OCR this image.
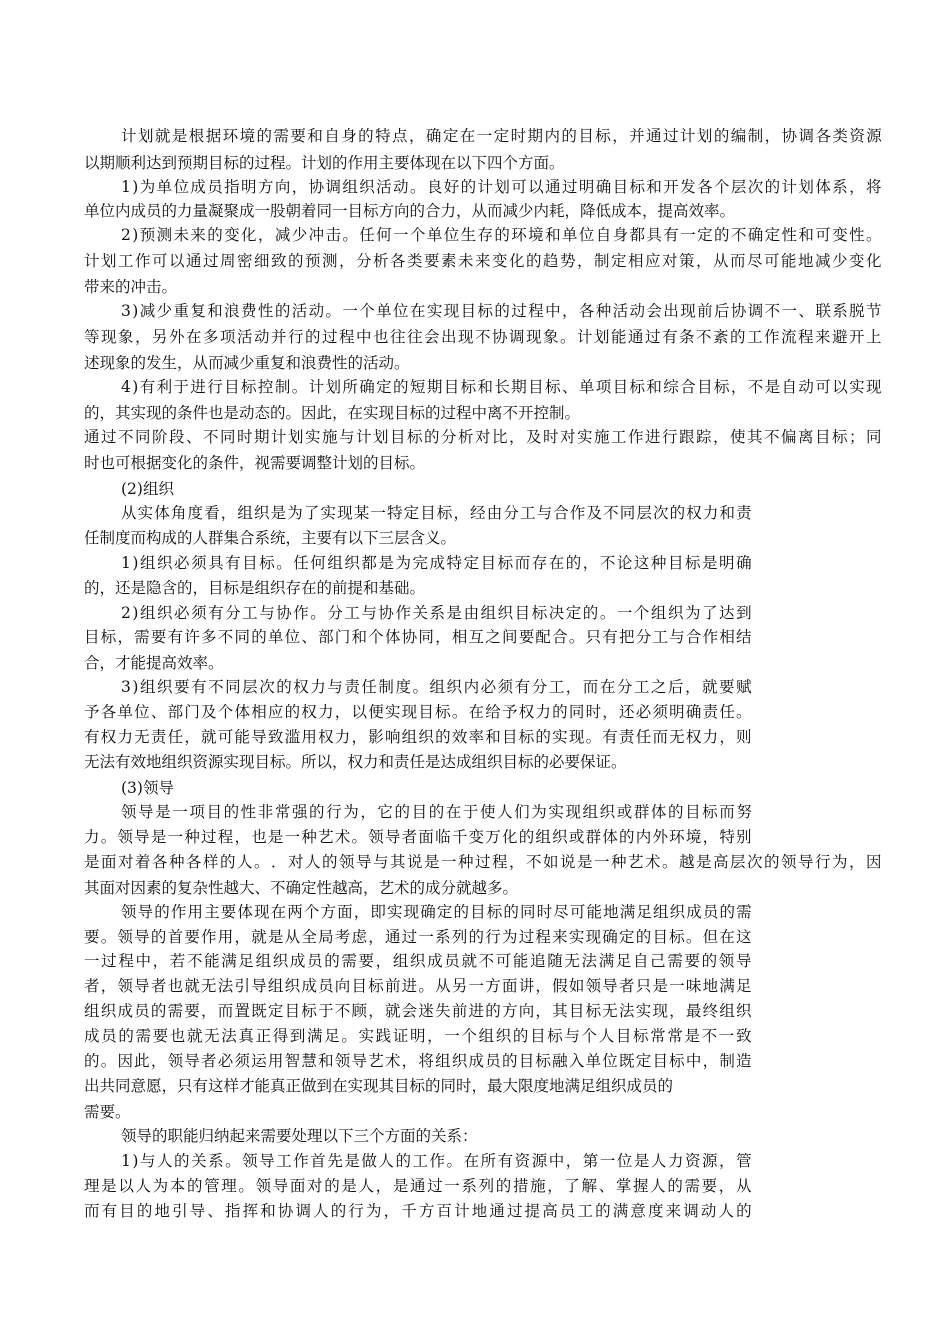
计 划 就 是 根 据 环 境 的 需 要 和 自 身 的 特 点 ， 确 定 在 一 定 时 期 内 的 目 标 ， 并 通 过 计 划 的 编 制 ， 协 调 各 类 资 源
以期顺利达到预期目标的过程。计划的作用主要体现在以下四个方面。
1 ) 为 单 位 成 员 指 明 方 向 ， 协 调 组 织 活 动 。 良 好 的 计 划 可 以 通 过 明 确 目 标 和 开 发 各 个 层 次 的 计 划 体 系 ， 将
单位内成员的力量凝聚成一股朝着同一目标方向的合力，从而减少内耗，降低成本，提高效率。
2 ) 预 测 未 来 的 变 化 ， 减 少 冲 击 。 任 何 一 个 单 位 生 存 的 环 境 和 单 位 自 身 都 具 有 一 定 的 不 确 定 性 和 可 变 性 。
计 划 工 作 可 以 通 过 周 密 细 致 的 预 测 ， 分 析 各 类 要 素 未 来 变 化 的 趋 势 ， 制 定 相 应 对 策 ， 从 而 尽 可 能 地 减 少 变 化
带来的冲击。
3 ) 减 少 重 复 和 浪 费 性 的 活 动 。 一 个 单 位 在 实 现 目 标 的 过 程 中 ， 各 种 活 动 会 出 现 前 后 协 调 不 一 、 联 系 脱 节
等 现 象 ， 另 外 在 多 项 活 动 并 行 的 过 程 中 也 往 往 会 出 现 不 协 调 现 象 。 计 划 能 通 过 有 条 不 紊 的 工 作 流 程 来 避 开 上
述现象的发生，从而减少重复和浪费性的活动。
4 ) 有 利 于 进 行 目 标 控 制 。 计 划 所 确 定 的 短 期 目 标 和 长 期 目 标 、 单 项 目 标 和 综 合 目 标 ， 不 是 自 动 可 以 实 现
的，其实现的条件也是动态的。因此，在实现目标的过程中离不开控制。
通 过 不 同 阶 段 、 不 同 时 期 计 划 实 施 与 计 划 目 标 的 分 析 对 比 ， 及 时 对 实 施 工 作 进 行 跟 踪 ， 使 其 不 偏 离 目 标 ； 同
时也可根据变化的条件，视需要调整计划的目标。
(2)组织
从 实 体 角 度 看 ， 组 织 是 为 了 实 现 某 一 特 定 目 标 ， 经 由 分 工 与 合 作 及 不 同 层 次 的 权 力 和 责
任制度而构成的人群集合系统，主要有以下三层含义。
1 ) 组 织 必 须 具 有 目 标 。 任 何 组 织 都 是 为 完 成 特 定 目 标 而 存 在 的 ， 不 论 这 种 目 标 是 明 确
的，还是隐含的，目标是组织存在的前提和基础。
2 ) 组 织 必 须 有 分 工 与 协 作 。 分 工 与 协 作 关 系 是 由 组 织 目 标 决 定 的 。 一 个 组 织 为 了 达 到
目 标 ， 需 要 有 许 多 不 同 的 单 位 、 部 门 和 个 体 协 同 ， 相 互 之 间 要 配 合 。 只 有 把 分 工 与 合 作 相 结
合，才能提高效率。
3 ) 组 织 要 有 不 同 层 次 的 权 力 与 责 任 制 度 。 组 织 内 必 须 有 分 工 ， 而 在 分 工 之 后 ， 就 要 赋
予 各 单 位 、 部 门 及 个 体 相 应 的 权 力 ， 以 便 实 现 目 标 。 在 给 予 权 力 的 同 时 ， 还 必 须 明 确 责 任 。
有 权 力 无 责 任 ， 就 可 能 导 致 滥 用 权 力 ， 影 响 组 织 的 效 率 和 目 标 的 实 现 。 有 责 任 而 无 权 力 ， 则
无法有效地组织资源实现目标。所以，权力和责任是达成组织目标的必要保证。
(3)领导
领 导 是 一 项 目 的 性 非 常 强 的 行 为 ， 它 的 目 的 在 于 使 人 们 为 实 现 组 织 或 群 体 的 目 标 而 努
力 。 领 导 是 一 种 过 程 ， 也 是 一 种 艺 术 。 领 导 者 面 临 千 变 万 化 的 组 织 或 群 体 的 内 外 环 境 ， 特 别
是 面 对 着 各 种 各 样 的 人 。 ． 对 人 的 领 导 与 其 说 是 一 种 过 程 ， 不 如 说 是 一 种 艺 术 。 越 是 高 层 次 的 领 导 行 为 ， 因
其面对因素的复杂性越大、不确定性越高，艺术的成分就越多。
领 导 的 作 用 主 要 体 现 在 两 个 方 面 ， 即 实 现 确 定 的 目 标 的 同 时 尽 可 能 地 满 足 组 织 成 员 的 需
要 。 领 导 的 首 要 作 用 ， 就 是 从 全 局 考 虑 ， 通 过 一 系 列 的 行 为 过 程 来 实 现 确 定 的 目 标 。 但 在 这
一 过 程 中 ， 若 不 能 满 足 组 织 成 员 的 需 要 ， 组 织 成 员 就 不 可 能 追 随 无 法 满 足 自 己 需 要 的 领 导
者 ， 领 导 者 也 就 无 法 引 导 组 织 成 员 向 目 标 前 进 。 从 另 一 方 面 讲 ， 假 如 领 导 者 只 是 一 味 地 满 足
组 织 成 员 的 需 要 ， 而 置 既 定 目 标 于 不 顾 ， 就 会 迷 失 前 进 的 方 向 ， 其 目 标 无 法 实 现 ， 最 终 组 织
成 员 的 需 要 也 就 无 法 真 正 得 到 满 足 。 实 践 证 明 ， 一 个 组 织 的 目 标 与 个 人 目 标 常 常 是 不 一 致
的 。 因 此 ， 领 导 者 必 须 运 用 智 慧 和 领 导 艺 术 ， 将 组 织 成 员 的 目 标 融 入 单 位 既 定 目 标 中 ， 制 造
出共同意愿，只有这样才能真正做到在实现其目标的同时，最大限度地满足组织成员的
需要。
领导的职能归纳起来需要处理以下三个方面的关系：
1 ) 与 人 的 关 系 。 领 导 工 作 首 先 是 做 人 的 工 作 。 在 所 有 资 源 中 ， 第 一 位 是 人 力 资 源 ， 管
理 是 以 人 为 本 的 管 理 。 领 导 面 对 的 是 人 ， 是 通 过 一 系 列 的 措 施 ， 了 解 、 掌 握 人 的 需 要 ， 从
而 有 目 的 地 引 导 、 指 挥 和 协 调 人 的 行 为 ， 千 方 百 计 地 通 过 提 高 员 工 的 满 意 度 来 调 动 人 的
